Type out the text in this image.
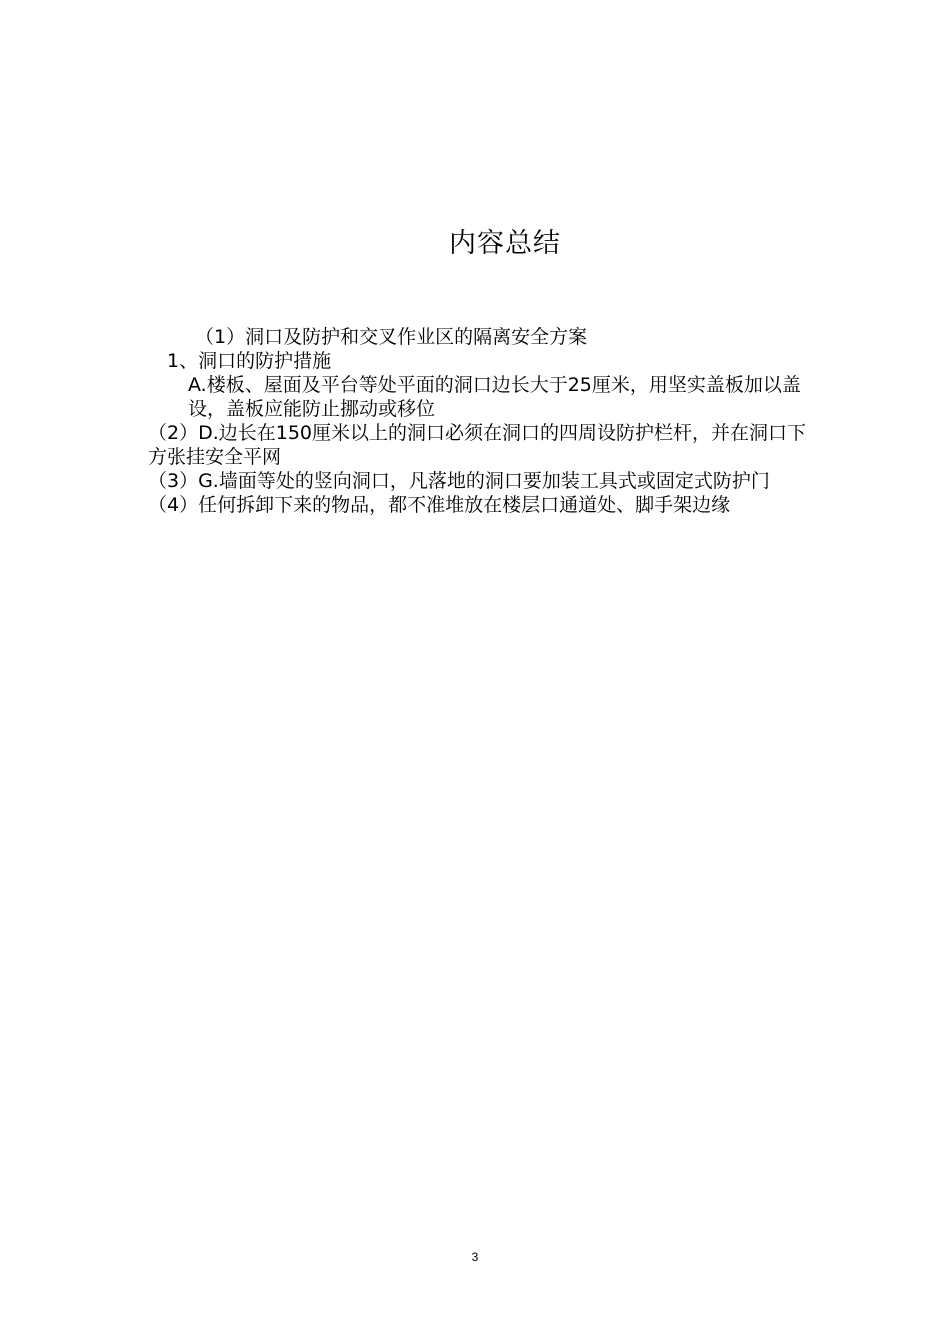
内容总结

（1）洞口及防护和交叉作业区的隔离安全方案

1、洞口的防护措施

A.楼板、屋面及平台等处平面的洞口边长大于25厘米，用坚实盖板加以盖设，盖板应能防止挪动或移位

（2）D.边长在150厘米以上的洞口必须在洞口的四周设防护栏杆，并在洞口下方张挂安全平网

（3）G.墙面等处的竖向洞口，凡落地的洞口要加装工具式或固定式防护门

（4）任何拆卸下来的物品，都不准堆放在楼层口通道处、脚手架边缘

3
